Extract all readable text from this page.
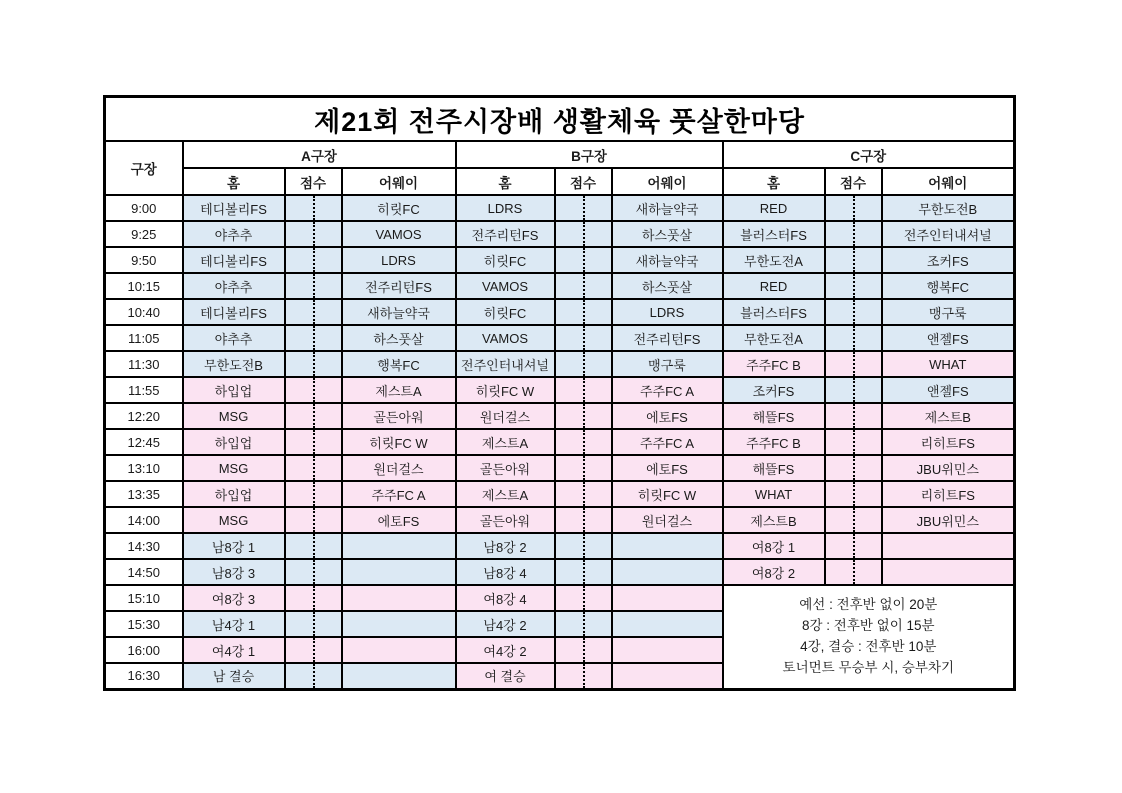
제21회 전주시장배 생활체육 풋살한마당									
구장	A구장			B구장			C구장		
	홈	점수	어웨이	홈	점수	어웨이	홈	점수	어웨이
9:00	테디볼리FS		히릿FC	LDRS		새하늘약국	RED		무한도전B
9:25	야추추		VAMOS	전주리턴FS		하스풋살	블러스터FS		전주인터내셔널
9:50	테디볼리FS		LDRS	히릿FC		새하늘약국	무한도전A		조커FS
10:15	야추추		전주리턴FS	VAMOS		하스풋살	RED		행복FC
10:40	테디볼리FS		새하늘약국	히릿FC		LDRS	블러스터FS		맹구룩
11:05	야추추		하스풋살	VAMOS		전주리턴FS	무한도전A		앤젤FS
11:30	무한도전B		행복FC	전주인터내셔널		맹구룩	주주FC B		WHAT
11:55	하입업		제스트A	히릿FC W		주주FC A	조커FS		앤젤FS
12:20	MSG		골든아워	원더걸스		에토FS	해뜰FS		제스트B
12:45	하입업		히릿FC W	제스트A		주주FC A	주주FC B		리히트FS
13:10	MSG		원더걸스	골든아워		에토FS	해뜰FS		JBU위민스
13:35	하입업		주주FC A	제스트A		히릿FC W	WHAT		리히트FS
14:00	MSG		에토FS	골든아워		원더걸스	제스트B		JBU위민스
14:30	남8강 1			남8강 2			여8강 1		
14:50	남8강 3			남8강 4			여8강 2		
15:10	여8강 3			여8강 4			예선 : 전후반 없이 20분
8강 : 전후반 없이 15분
4강, 결승 : 전후반 10분
토너먼트 무승부 시, 승부차기		

15:30	남4강 1			남4강 2					
16:00	여4강 1			여4강 2					
16:30	남 결승			여 결승					
